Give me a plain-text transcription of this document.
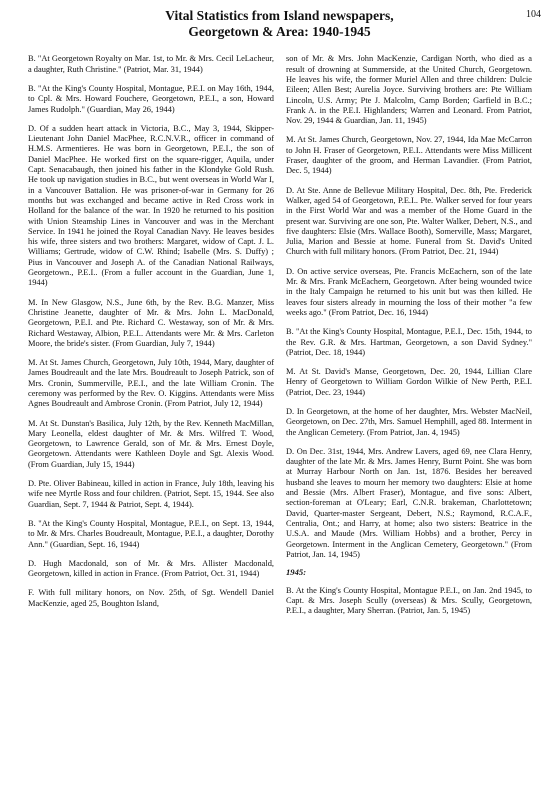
104
Vital Statistics from Island newspapers,
Georgetown & Area: 1940-1945

B. "At Georgetown Royalty on Mar. 1st, to Mr. & Mrs. Cecil LeLacheur, a daughter, Ruth Christine." (Patriot, Mar. 31, 1944)

B. "At the King's County Hospital, Montague, P.E.I. on May 16th, 1944, to Cpl. & Mrs. Howard Fouchere, Georgetown, P.E.I., a son, Howard James Rudolph." (Guardian, May 26, 1944)

D. Of a sudden heart attack in Victoria, B.C., May 3, 1944, Skipper-Lieutenant John Daniel MacPhee, R.C.N.V.R., officer in command of H.M.S. Armentieres. He was born in Georgetown, P.E.I., the son of Daniel MacPhee. He worked first on the square-rigger, Aquila, under Capt. Senacabaugh, then joined his father in the Klondyke Gold Rush. He took up navigation studies in B.C., but went overseas in World War I, in a Vancouver Battalion. He was prisoner-of-war in Germany for 26 months but was exchanged and became active in Red Cross work in Holland for the balance of the war. In 1920 he returned to his position with Union Steamship Lines in Vancouver and was in the Merchant Service. In 1941 he joined the Royal Canadian Navy. He leaves besides his wife, three sisters and two brothers: Margaret, widow of Capt. J. L. Williams; Gertrude, widow of C.W. Rhind; Isabelle (Mrs. S. Duffy) ; Pius in Vancouver and Joseph A. of the Canadian National Railways, Georgetown., P.E.I.. (From a fuller account in the Guardian, June 1, 1944)

M. In New Glasgow, N.S., June 6th, by the Rev. B.G. Manzer, Miss Christine Jeanette, daughter of Mr. & Mrs. John L. MacDonald, Georgetown, P.E.I. and Pte. Richard C. Westaway, son of Mr. & Mrs. Richard Westaway, Albion, P.E.I.. Attendants were Mr. & Mrs. Carleton Moore, the bride's sister. (From Guardian, July 7, 1944)

M. At St. James Church, Georgetown, July 10th, 1944, Mary, daughter of James Boudreault and the late Mrs. Boudreault to Joseph Patrick, son of Mrs. Cronin, Summerville, P.E.I., and the late William Cronin. The ceremony was performed by the Rev. O. Kiggins. Attendants were Miss Agnes Boudreault and Ambrose Cronin. (From Patriot, July 12, 1944)

M. At St. Dunstan's Basilica, July 12th, by the Rev. Kenneth MacMillan, Mary Leonella, eldest daughter of Mr. & Mrs. Wilfred T. Wood, Georgetown, to Lawrence Gerald, son of Mr. & Mrs. Ernest Doyle, Georgetown. Attendants were Kathleen Doyle and Sgt. Alexis Wood. (From Guardian, July 15, 1944)

D. Pte. Oliver Babineau, killed in action in France, July 18th, leaving his wife nee Myrtle Ross and four children. (Patriot, Sept. 15, 1944. See also Guardian, Sept. 7, 1944 & Patriot, Sept. 4, 1944).

B. "At the King's County Hospital, Montague, P.E.I., on Sept. 13, 1944, to Mr. & Mrs. Charles Boudreault, Montague, P.E.I., a daughter, Dorothy Ann." (Guardian, Sept. 16, 1944)

D. Hugh Macdonald, son of Mr. & Mrs. Allister Macdonald, Georgetown, killed in action in France. (From Patriot, Oct. 31, 1944)

F. With full military honors, on Nov. 25th, of Sgt. Wendell Daniel MacKenzie, aged 25, Boughton Island,

son of Mr. & Mrs. John MacKenzie, Cardigan North, who died as a result of drowning at Summerside, at the United Church, Georgetown. He leaves his wife, the former Muriel Allen and three children: Dulcie Eileen; Allen Best; Aurelia Joyce. Surviving brothers are: Pte William Lincoln, U.S. Army; Pte J. Malcolm, Camp Borden; Garfield in B.C.; Frank A. in the P.E.I. Highlanders; Warren and Leonard. From Patriot, Nov. 29, 1944 & Guardian, Jan. 11, 1945)

M. At St. James Church, Georgetown, Nov. 27, 1944, Ida Mae McCarron to John H. Fraser of Georgetown, P.E.I.. Attendants were Miss Millicent Fraser, daughter of the groom, and Herman Lavandier. (From Patriot, Dec. 5, 1944)

D. At Ste. Anne de Bellevue Military Hospital, Dec. 8th, Pte. Frederick Walker, aged 54 of Georgetown, P.E.I.. Pte. Walker served for four years in the First World War and was a member of the Home Guard in the present war. Surviving are one son, Pte. Walter Walker, Debert, N.S., and five daughters: Elsie (Mrs. Wallace Booth), Somerville, Mass; Margaret, Julia, Marion and Bessie at home. Funeral from St. David's United Church with full military honors. (From Patriot, Dec. 21, 1944)

D. On active service overseas, Pte. Francis McEachern, son of the late Mr. & Mrs. Frank McEachern, Georgetown. After being wounded twice in the Italy Campaign he returned to his unit but was then killed. He leaves four sisters already in mourning the loss of their mother "a few weeks ago." (From Patriot, Dec. 16, 1944)

B. "At the King's County Hospital, Montague, P.E.I., Dec. 15th, 1944, to the Rev. G.R. & Mrs. Hartman, Georgetown, a son David Sydney." (Patriot, Dec. 18, 1944)

M. At St. David's Manse, Georgetown, Dec. 20, 1944, Lillian Clare Henry of Georgetown to William Gordon Wilkie of New Perth, P.E.I. (Patriot, Dec. 23, 1944)

D. In Georgetown, at the home of her daughter, Mrs. Webster MacNeil, Georgetown, on Dec. 27th, Mrs. Samuel Hemphill, aged 88. Interment in the Anglican Cemetery. (From Patriot, Jan. 4, 1945)

D. On Dec. 31st, 1944, Mrs. Andrew Lavers, aged 69, nee Clara Henry, daughter of the late Mr. & Mrs. James Henry, Burnt Point. She was born at Murray Harbour North on Jan. 1st, 1876. Besides her bereaved husband she leaves to mourn her memory two daughters: Elsie at home and Bessie (Mrs. Albert Fraser), Montague, and five sons: Albert, section-foreman at O'Leary; Earl, C.N.R. brakeman, Charlottetown; David, Quarter-master Sergeant, Debert, N.S.; Raymond, R.C.A.F., Centralia, Ont.; and Harry, at home; also two sisters: Beatrice in the U.S.A. and Maude (Mrs. William Hobbs) and a brother, Percy in Georgetown. Interment in the Anglican Cemetery, Georgetown." (From Patriot, Jan. 14, 1945)

1945:

B. At the King's County Hospital, Montague P.E.I., on Jan. 2nd 1945, to Capt. & Mrs. Joseph Scully (overseas) & Mrs. Scully, Georgetown, P.E.I., a daughter, Mary Sherran. (Patriot, Jan. 5, 1945)
